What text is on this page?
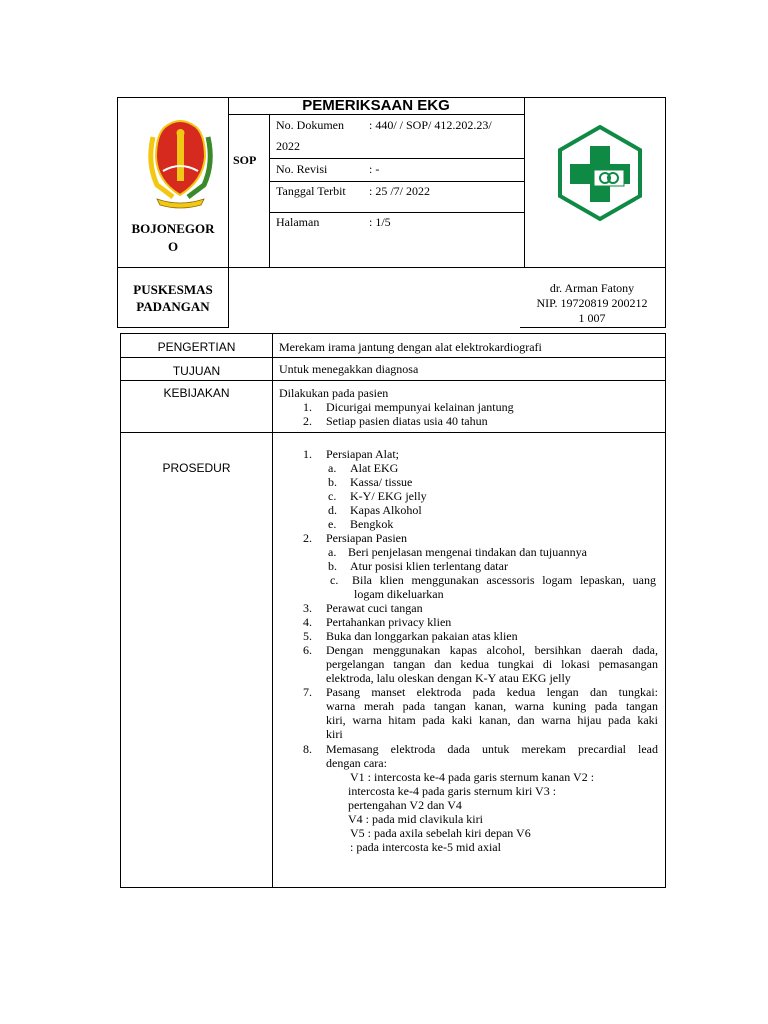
BOJONEGOR
O
PEMERIKSAAN EKG
SOP
No. Dokumen : 440/ / SOP/ 412.202.23/
2022
No. Revisi	: -
Tanggal Terbit : 25 /7/ 2022
Halaman	: 1/5
PUSKESMAS
PADANGAN
dr. Arman Fatony
NIP. 19720819 200212
1 007
PENGERTIAN	Merekam irama jantung dengan alat elektrokardiografi
TUJUAN	Untuk menegakkan diagnosa
KEBIJAKAN	Dilakukan pada pasien
1. Dicurigai mempunyai kelainan jantung
2. Setiap pasien diatas usia 40 tahun
PROSEDUR
1. Persiapan Alat;
a. Alat EKG
b. Kassa/ tissue
c. K-Y/ EKG jelly
d. Kapas Alkohol
e. Bengkok
2. Persiapan Pasien
a. Beri penjelasan mengenai tindakan dan tujuannya
b. Atur posisi klien terlentang datar
c. Bila klien menggunakan ascessoris logam lepaskan, uang
logam dikeluarkan
3. Perawat cuci tangan
4. Pertahankan privacy klien
5. Buka dan longgarkan pakaian atas klien
6. Dengan menggunakan kapas alcohol, bersihkan daerah dada,
pergelangan tangan dan kedua tungkai di lokasi pemasangan
elektroda, lalu oleskan dengan K-Y atau EKG jelly
7. Pasang manset elektroda pada kedua lengan dan tungkai:
warna merah pada tangan kanan, warna kuning pada tangan
kiri, warna hitam pada kaki kanan, dan warna hijau pada kaki
kiri
8. Memasang elektroda dada untuk merekam precardial lead
dengan cara:
V1 : intercosta ke-4 pada garis sternum kanan V2 :
intercosta ke-4 pada garis sternum kiri V3 :
pertengahan V2 dan V4
V4 : pada mid clavikula kiri
V5 : pada axila sebelah kiri depan V6
: pada intercosta ke-5 mid axial
